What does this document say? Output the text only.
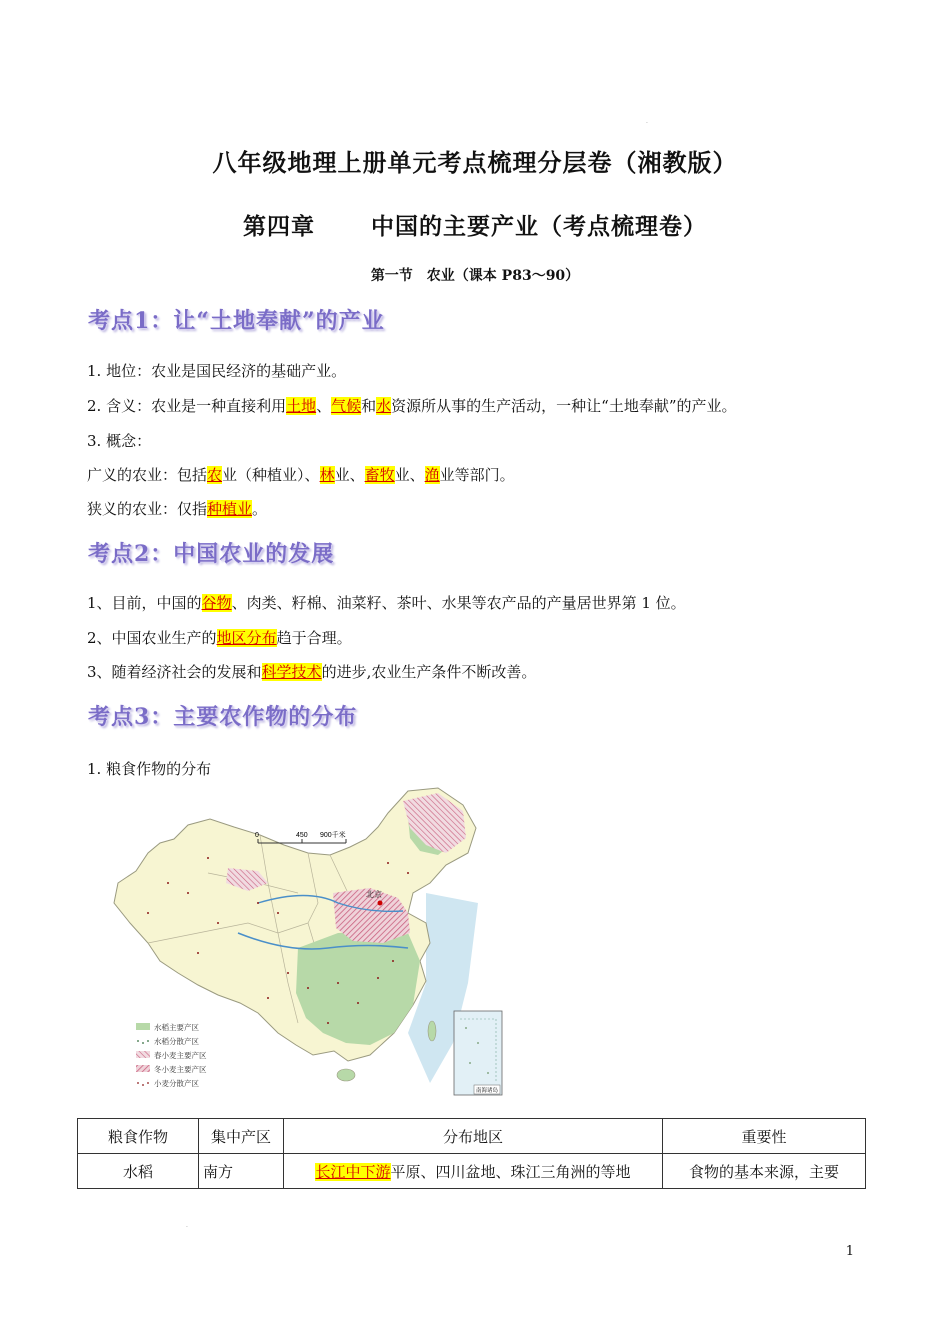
.
八年级地理上册单元考点梳理分层卷（湘教版）
第四章 中国的主要产业（考点梳理卷）
第一节　农业（课本 P83～90）
考点1：让“土地奉献”的产业
1. 地位：农业是国民经济的基础产业。
2. 含义：农业是一种直接利用土地、气候和水资源所从事的生产活动，一种让“土地奉献”的产业。
3. 概念：
广义的农业：包括农业（种植业）、林业、畜牧业、渔业等部门。
狭义的农业：仅指种植业。
考点2：中国农业的发展
1、目前，中国的谷物、肉类、籽棉、油菜籽、茶叶、水果等农产品的产量居世界第 1 位。
2、中国农业生产的地区分布趋于合理。
3、随着经济社会的发展和科学技术的进步,农业生产条件不断改善。
考点3：主要农作物的分布
1. 粮食作物的分布
北京
0	450 900千米
南海诸岛
水稻主要产区
水稻分散产区
春小麦主要产区
冬小麦主要产区
小麦分散产区
粮食作物	集中产区	分布地区	重要性
水稻	南方	长江中下游平原、四川盆地、珠江三角洲的等地	食物的基本来源，主要
.
1
